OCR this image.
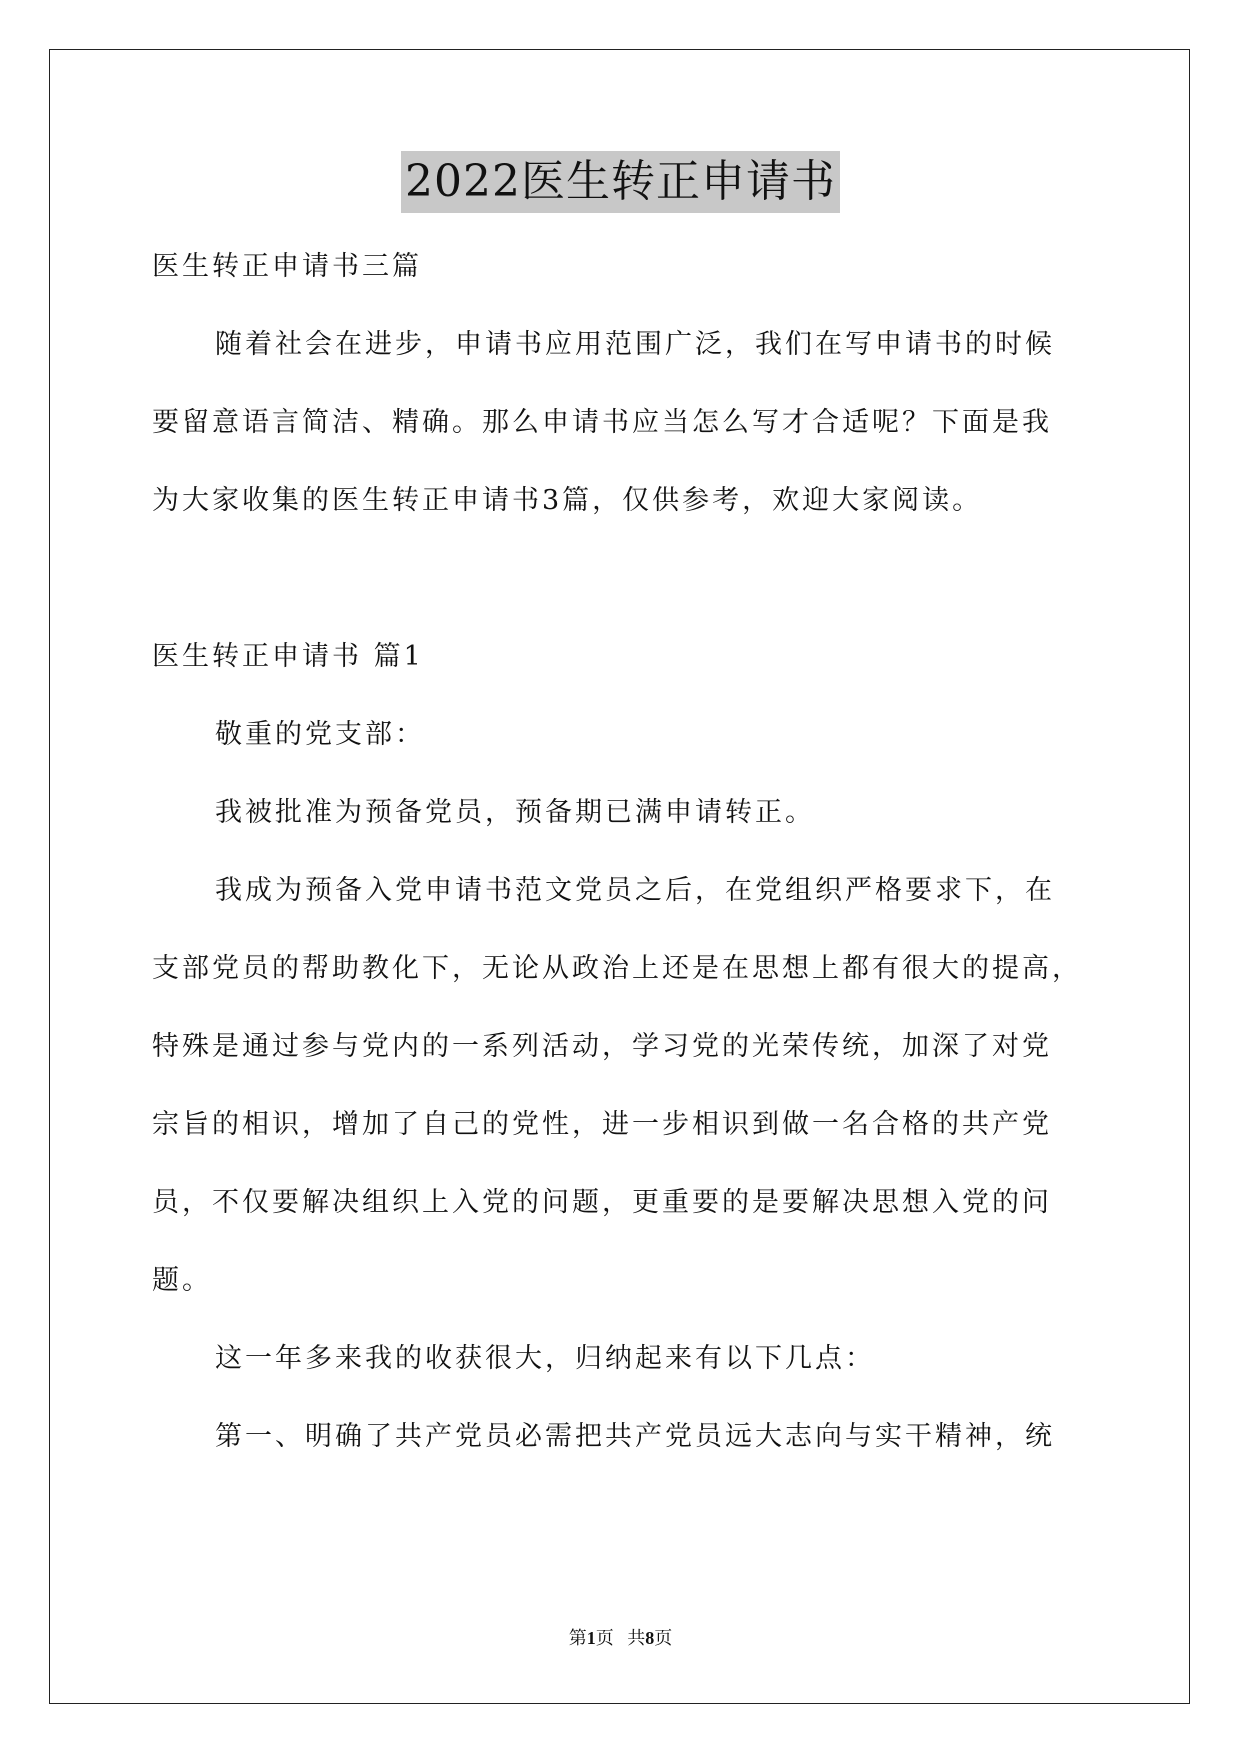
2022医生转正申请书

医生转正申请书三篇

随着社会在进步，申请书应用范围广泛，我们在写申请书的时候

要留意语言简洁、精确。那么申请书应当怎么写才合适呢？下面是我

为大家收集的医生转正申请书3篇，仅供参考，欢迎大家阅读。

医生转正申请书 篇1

敬重的党支部：

我被批准为预备党员，预备期已满申请转正。

我成为预备入党申请书范文党员之后，在党组织严格要求下，在

支部党员的帮助教化下，无论从政治上还是在思想上都有很大的提高，

特殊是通过参与党内的一系列活动，学习党的光荣传统，加深了对党

宗旨的相识，增加了自己的党性，进一步相识到做一名合格的共产党

员，不仅要解决组织上入党的问题，更重要的是要解决思想入党的问

题。

这一年多来我的收获很大，归纳起来有以下几点：

第一、明确了共产党员必需把共产党员远大志向与实干精神，统

第1页 共8页
